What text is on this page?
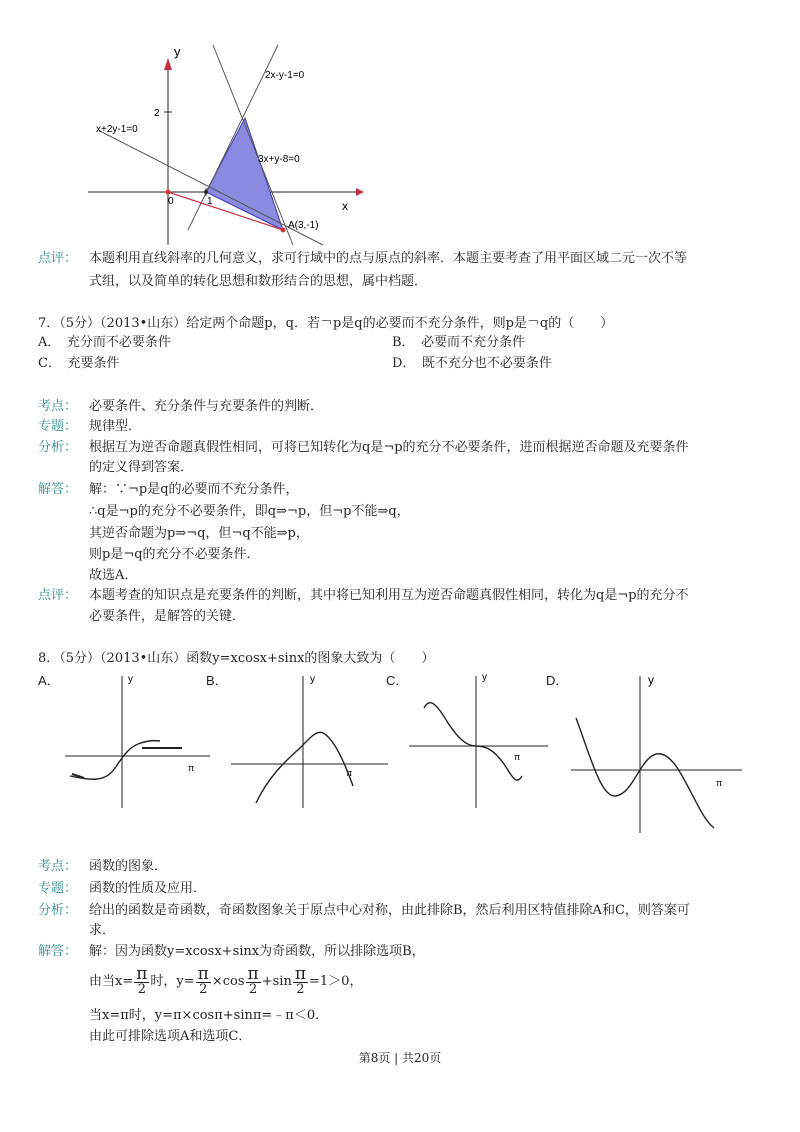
y
x
0	1
2
2x-y-1=0
x+2y-1=0
3x+y-8=0
A(3,-1)
点评： 本题利用直线斜率的几何意义，求可行域中的点与原点的斜率．本题主要考查了用平面区域二元一次不等
式组，以及简单的转化思想和数形结合的思想，属中档题．
7．（5分）（2013•山东）给定两个命题p，q．若￢p是q的必要而不充分条件，则p是￢q的（　　）
A．　充分而不必要条件	B．　必要而不充分条件
C．　充要条件	D．　既不充分也不必要条件
考点： 必要条件、充分条件与充要条件的判断．
专题： 规律型．
分析： 根据互为逆否命题真假性相同，可将已知转化为q是¬p的充分不必要条件，进而根据逆否命题及充要条件
的定义得到答案．
解答： 解：∵¬p是q的必要而不充分条件，
∴q是¬p的充分不必要条件，即q⇒¬p，但¬p不能⇒q，
其逆否命题为p⇒¬q，但¬q不能⇒p，
则p是¬q的充分不必要条件．
故选A．
点评： 本题考查的知识点是充要条件的判断，其中将已知利用互为逆否命题真假性相同，转化为q是¬p的充分不
必要条件，是解答的关键．
8．（5分）（2013•山东）函数y=xcosx+sinx的图象大致为（　　）
A．	B．	C．	D．
y
π
y
π
y
π
y
π
考点： 函数的图象．
专题： 函数的性质及应用．
分析： 给出的函数是奇函数，奇函数图象关于原点中心对称，由此排除B，然后利用区特值排除A和C，则答案可
求．
解答： 解：因为函数y=xcosx+sinx为奇函数，所以排除选项B，
由当$x= \frac{\pi}{2}$ 时，$y= \frac{\pi}{2} \times\cos \frac{\pi}{2} +\sin \frac{\pi}{2} =1>0$，
当x=π时，y=π×cosπ+sinπ=﹣π＜0．
由此可排除选项A和选项C．
第8页 | 共20页
